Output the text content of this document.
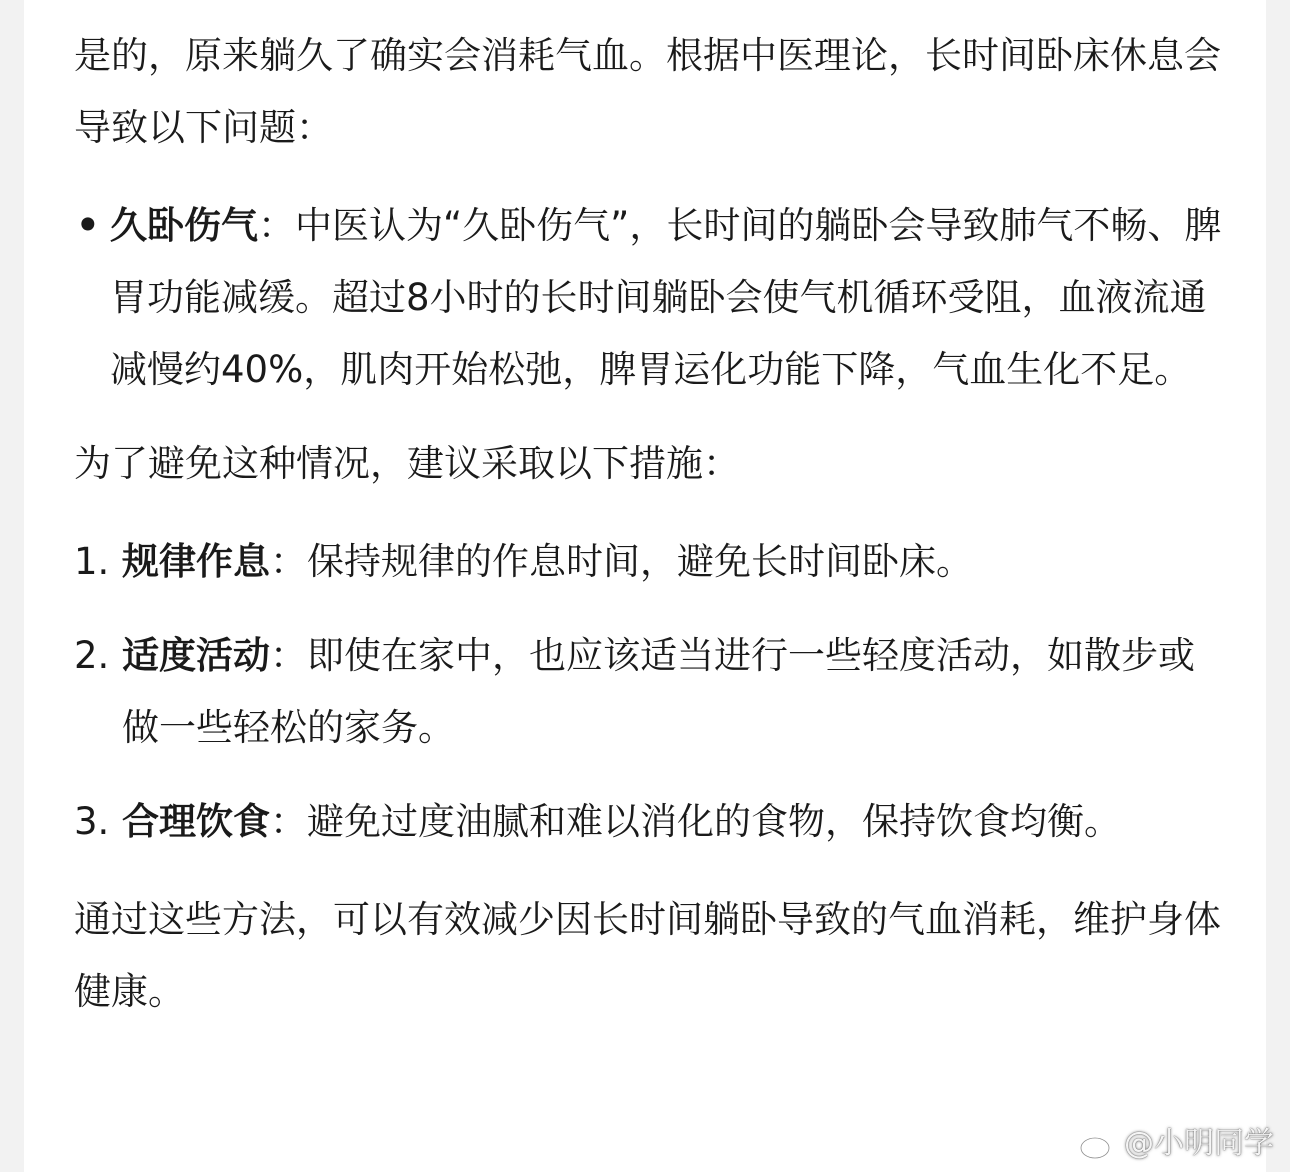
是的，原来躺久了确实会消耗气血。根据中医理论，长时间卧床休息会导致以下问题：

• 久卧伤气：中医认为“久卧伤气”，长时间的躺卧会导致肺气不畅、脾胃功能减缓。超过8小时的长时间躺卧会使气机循环受阻，血液流通减慢约40%，肌肉开始松弛，脾胃运化功能下降，气血生化不足。

为了避免这种情况，建议采取以下措施：

1. 规律作息：保持规律的作息时间，避免长时间卧床。
2. 适度活动：即使在家中，也应该适当进行一些轻度活动，如散步或做一些轻松的家务。
3. 合理饮食：避免过度油腻和难以消化的食物，保持饮食均衡。

通过这些方法，可以有效减少因长时间躺卧导致的气血消耗，维护身体健康。

@小明同学
